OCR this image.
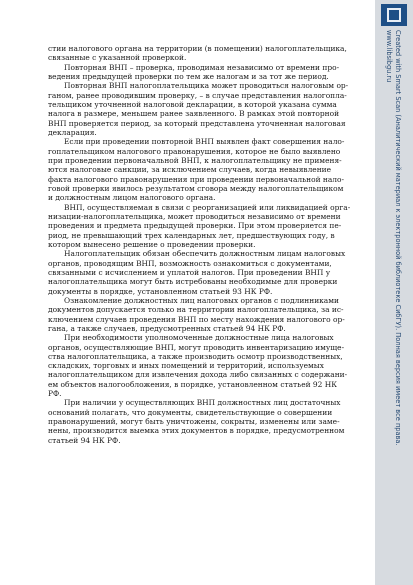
стии налогового органа на территории (в помещении) налогоплательщика,
связанные с указанной проверкой.
Повторная ВНП – проверка, проводимая независимо от времени про-
ведения предыдущей проверки по тем же налогам и за тот же период.
Повторная ВНП налогоплательщика может проводиться налоговым ор-
ганом, ранее проводившим проверку, – в случае представления налогопла-
тельщиком уточненной налоговой декларации, в которой указана сумма
налога в размере, меньшем ранее заявленного. В рамках этой повторной
ВНП проверяется период, за который представлена уточненная налоговая
декларация.
Если при проведении повторной ВНП выявлен факт совершения нало-
гоплательщиком налогового правонарушения, которое не было выявлено
при проведении первоначальной ВНП, к налогоплательщику не применя-
ются налоговые санкции, за исключением случаев, когда невыявление
факта налогового правонарушения при проведении первоначальной нало-
говой проверки явилось результатом сговора между налогоплательщиком
и должностным лицом налогового органа.
ВНП, осуществляемая в связи с реорганизацией или ликвидацией орга-
низации-налогоплательщика, может проводиться независимо от времени
проведения и предмета предыдущей проверки. При этом проверяется пе-
риод, не превышающий трех календарных лет, предшествующих году, в
котором вынесено решение о проведении проверки.
Налогоплательщик обязан обеспечить должностным лицам налоговых
органов, проводящим ВНП, возможность ознакомиться с документами,
связанными с исчислением и уплатой налогов. При проведении ВНП у
налогоплательщика могут быть истребованы необходимые для проверки
документы в порядке, установленном статьей 93 НК РФ.
Ознакомление должностных лиц налоговых органов с подлинниками
документов допускается только на территории налогоплательщика, за ис-
ключением случаев проведения ВНП по месту нахождения налогового ор-
гана, а также случаев, предусмотренных статьей 94 НК РФ.
При необходимости уполномоченные должностные лица налоговых
органов, осуществляющие ВНП, могут проводить инвентаризацию имуще-
ства налогоплательщика, а также производить осмотр производственных,
складских, торговых и иных помещений и территорий, используемых
налогоплательщиком для извлечения дохода либо связанных с содержани-
ем объектов налогообложения, в порядке, установленном статьей 92 НК
РФ.
При наличии у осуществляющих ВНП должностных лиц достаточных
оснований полагать, что документы, свидетельствующие о совершении
правонарушений, могут быть уничтожены, сокрыты, изменены или заме-
нены, производится выемка этих документов в порядке, предусмотренном
статьей 94 НК РФ.	Created with Smart Scan (Аналитический материал к электронной библиотеке СибГУ). Полная версия имеет все права.
www.libsibgu.ru
